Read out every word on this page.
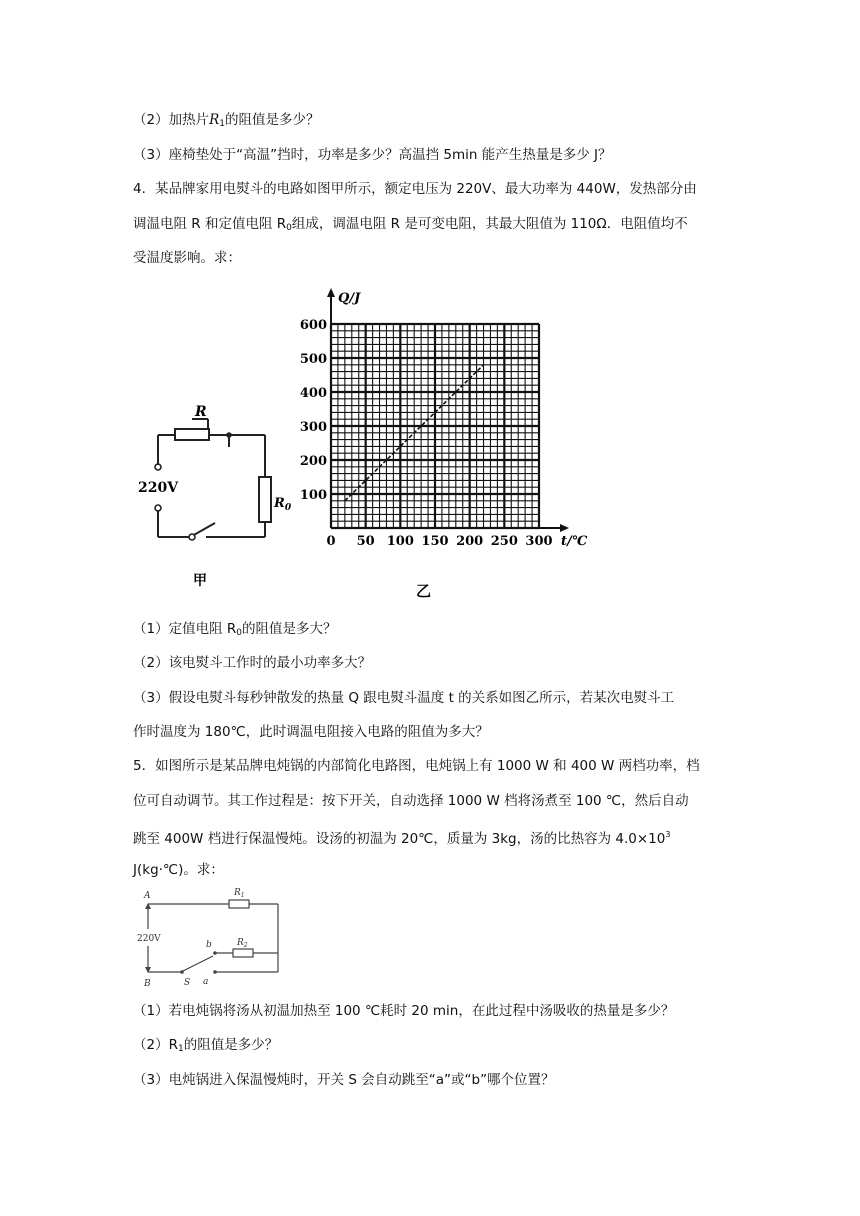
（2）加热片$R_1$的阻值是多少？
（3）座椅垫处于“高温”挡时，功率是多少？高温挡 5min 能产生热量是多少 J？
4．某品牌家用电熨斗的电路如图甲所示，额定电压为 220V、最大功率为 440W，发热部分由
调温电阻 R 和定值电阻 $R_0$组成，调温电阻 R 是可变电阻，其最大阻值为 110Ω．电阻值均不
受温度影响。求：
R
220V
$R_0$
甲
0 50 100 150 200 250 300
100
200
300
400
500
600
Q/J
t/℃
乙
（1）定值电阻 $R_0$的阻值是多大？
（2）该电熨斗工作时的最小功率多大？
（3）假设电熨斗每秒钟散发的热量 Q 跟电熨斗温度 t 的关系如图乙所示，若某次电熨斗工
作时温度为 180℃，此时调温电阻接入电路的阻值为多大？
5．如图所示是某品牌电炖锅的内部简化电路图，电炖锅上有 1000 W 和 400 W 两档功率，档
位可自动调节。其工作过程是：按下开关，自动选择 1000 W 档将汤煮至 100 ℃，然后自动
跳至 400W 档进行保温慢炖。设汤的初温为 20℃，质量为 3kg，汤的比热容为 $4.0\times 10^3$
J(kg·℃)。求：
A
B
b
a
S
$R_1$
$R_2$
220V
（1）若电炖锅将汤从初温加热至 100 ℃耗时 20 min，在此过程中汤吸收的热量是多少？
$(2)R_1$的阻值是多少？
（3）电炖锅进入保温慢炖时，开关 S 会自动跳至“a”或“b”哪个位置？
